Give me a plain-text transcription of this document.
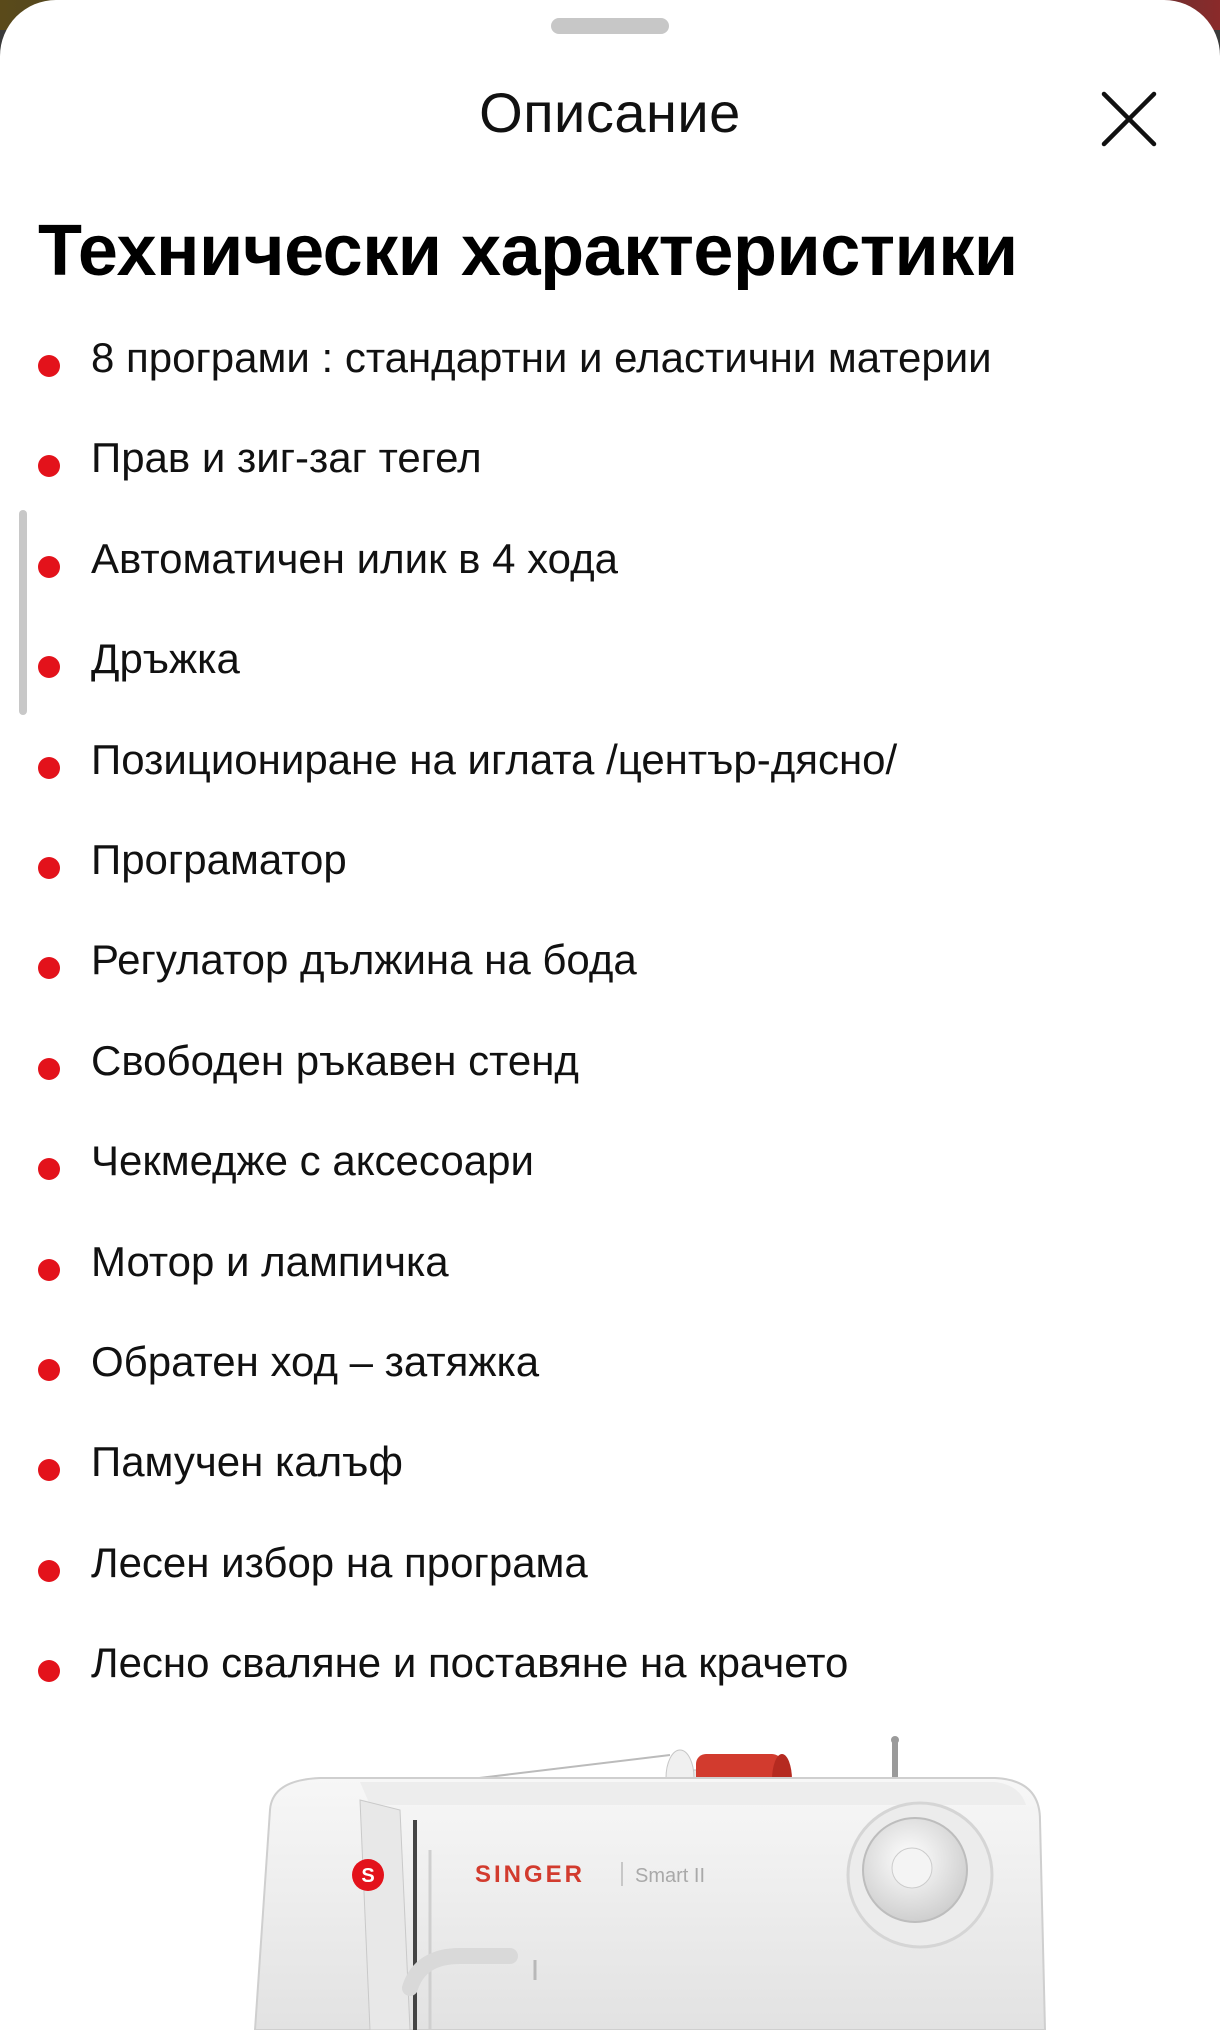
Описание
Технически характеристики
8 програми : стандартни и еластични материи
Прав и зиг-заг тегел
Автоматичен илик в 4 хода
Дръжка
Позициониране на иглата /център-дясно/
Програматор
Регулатор дължина на бода
Свободен ръкавен стенд
Чекмедже с аксесоари
Мотор и лампичка
Обратен ход – затяжка
Памучен калъф
Лесен избор на програма
Лесно сваляне и поставяне на крачето
S	SINGER Smart II
